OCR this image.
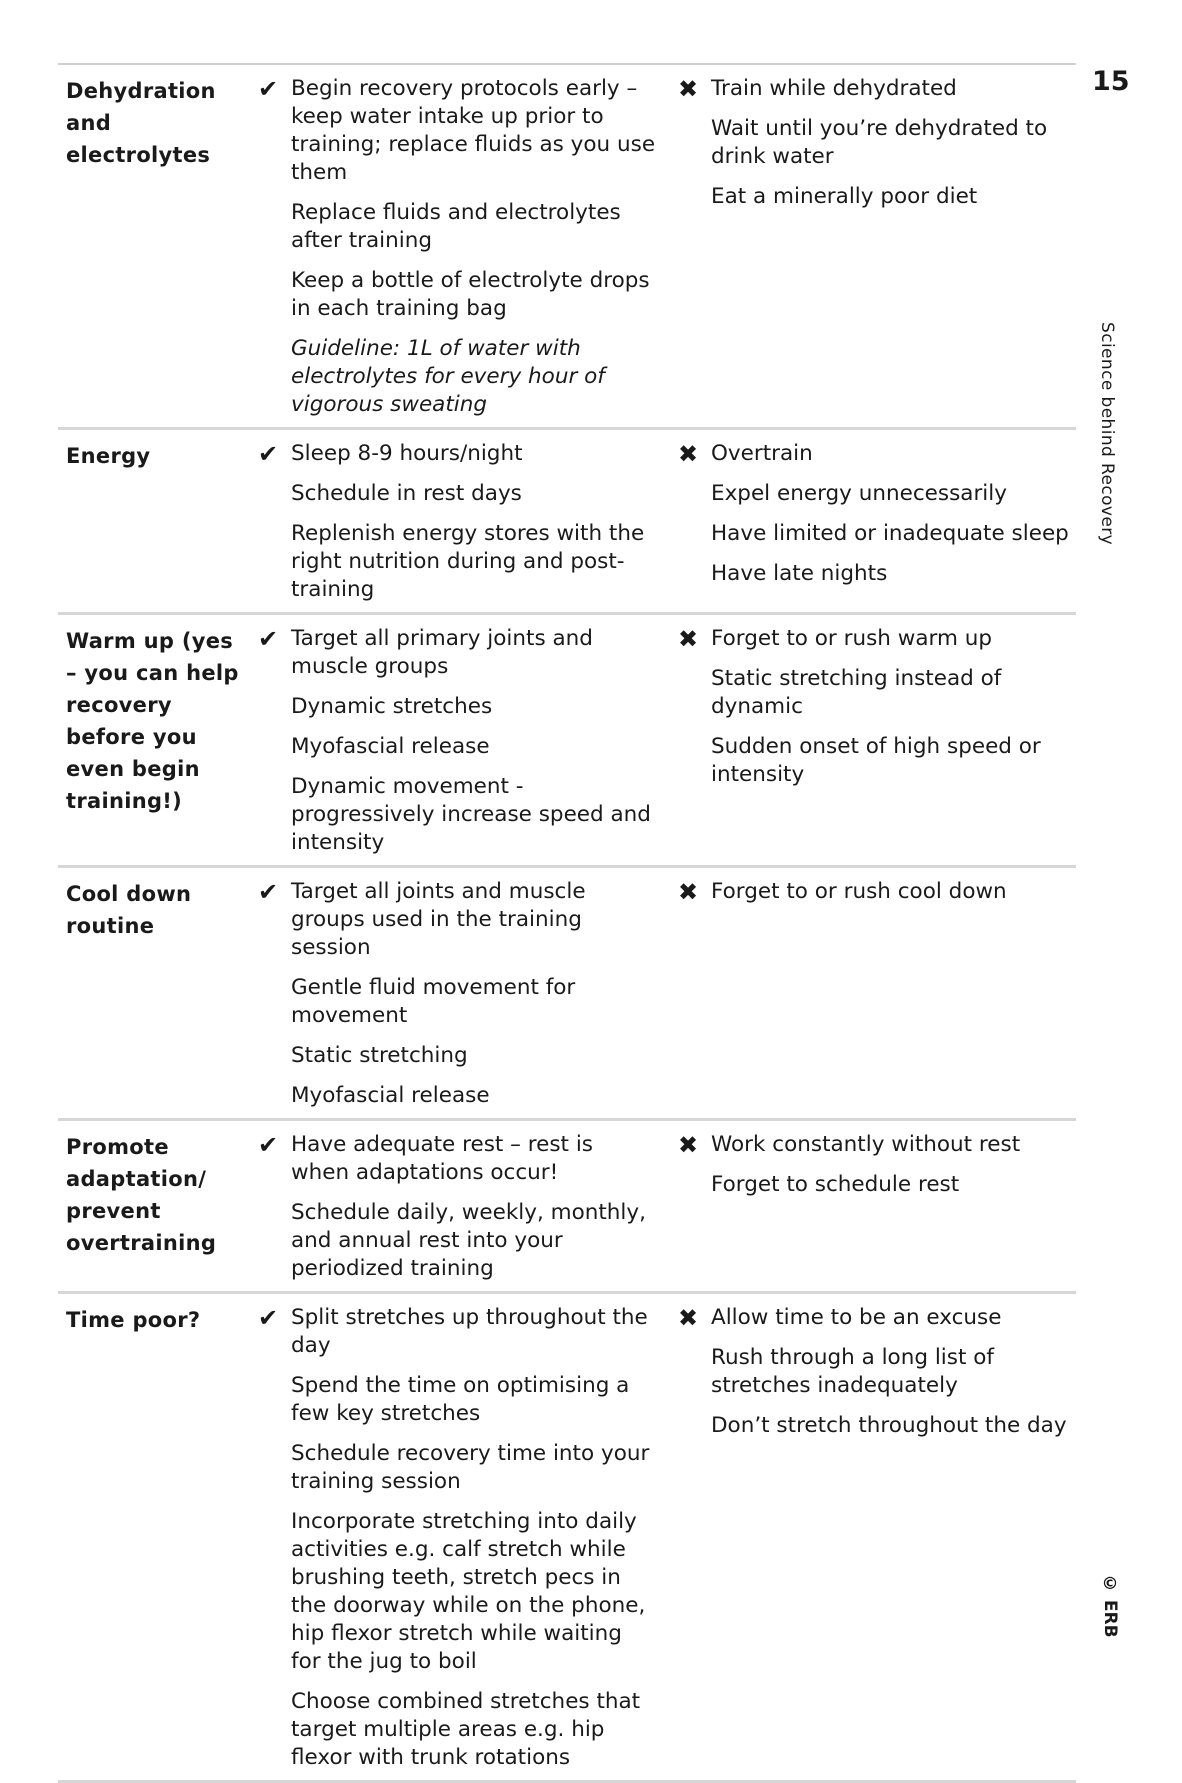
15
Science behind Recovery
© ERB
Dehydration and electrolytes
✔ Begin recovery protocols early – keep water intake up prior to training; replace fluids as you use them
Replace fluids and electrolytes after training
Keep a bottle of electrolyte drops in each training bag
Guideline: 1L of water with electrolytes for every hour of vigorous sweating
✖ Train while dehydrated
Wait until you’re dehydrated to drink water
Eat a minerally poor diet
Energy	✔ Sleep 8-9 hours/night
Schedule in rest days
Replenish energy stores with the right nutrition during and post-training
✖ Overtrain
Expel energy unnecessarily
Have limited or inadequate sleep
Have late nights
Warm up (yes – you can help recovery before you even begin training!)
✔ Target all primary joints and muscle groups
Dynamic stretches
Myofascial release
Dynamic movement - progressively increase speed and intensity
✖ Forget to or rush warm up
Static stretching instead of dynamic
Sudden onset of high speed or intensity
Cool down routine
✔ Target all joints and muscle groups used in the training session
Gentle fluid movement for movement
Static stretching
Myofascial release
✖ Forget to or rush cool down
Promote adaptation/ prevent overtraining
✔ Have adequate rest – rest is when adaptations occur!
Schedule daily, weekly, monthly, and annual rest into your periodized training
✖ Work constantly without rest
Forget to schedule rest
Time poor?	✔ Split stretches up throughout the day
Spend the time on optimising a few key stretches
Schedule recovery time into your training session
Incorporate stretching into daily activities e.g. calf stretch while brushing teeth, stretch pecs in the doorway while on the phone, hip flexor stretch while waiting for the jug to boil
Choose combined stretches that target multiple areas e.g. hip flexor with trunk rotations
✖ Allow time to be an excuse
Rush through a long list of stretches inadequately
Don’t stretch throughout the day
